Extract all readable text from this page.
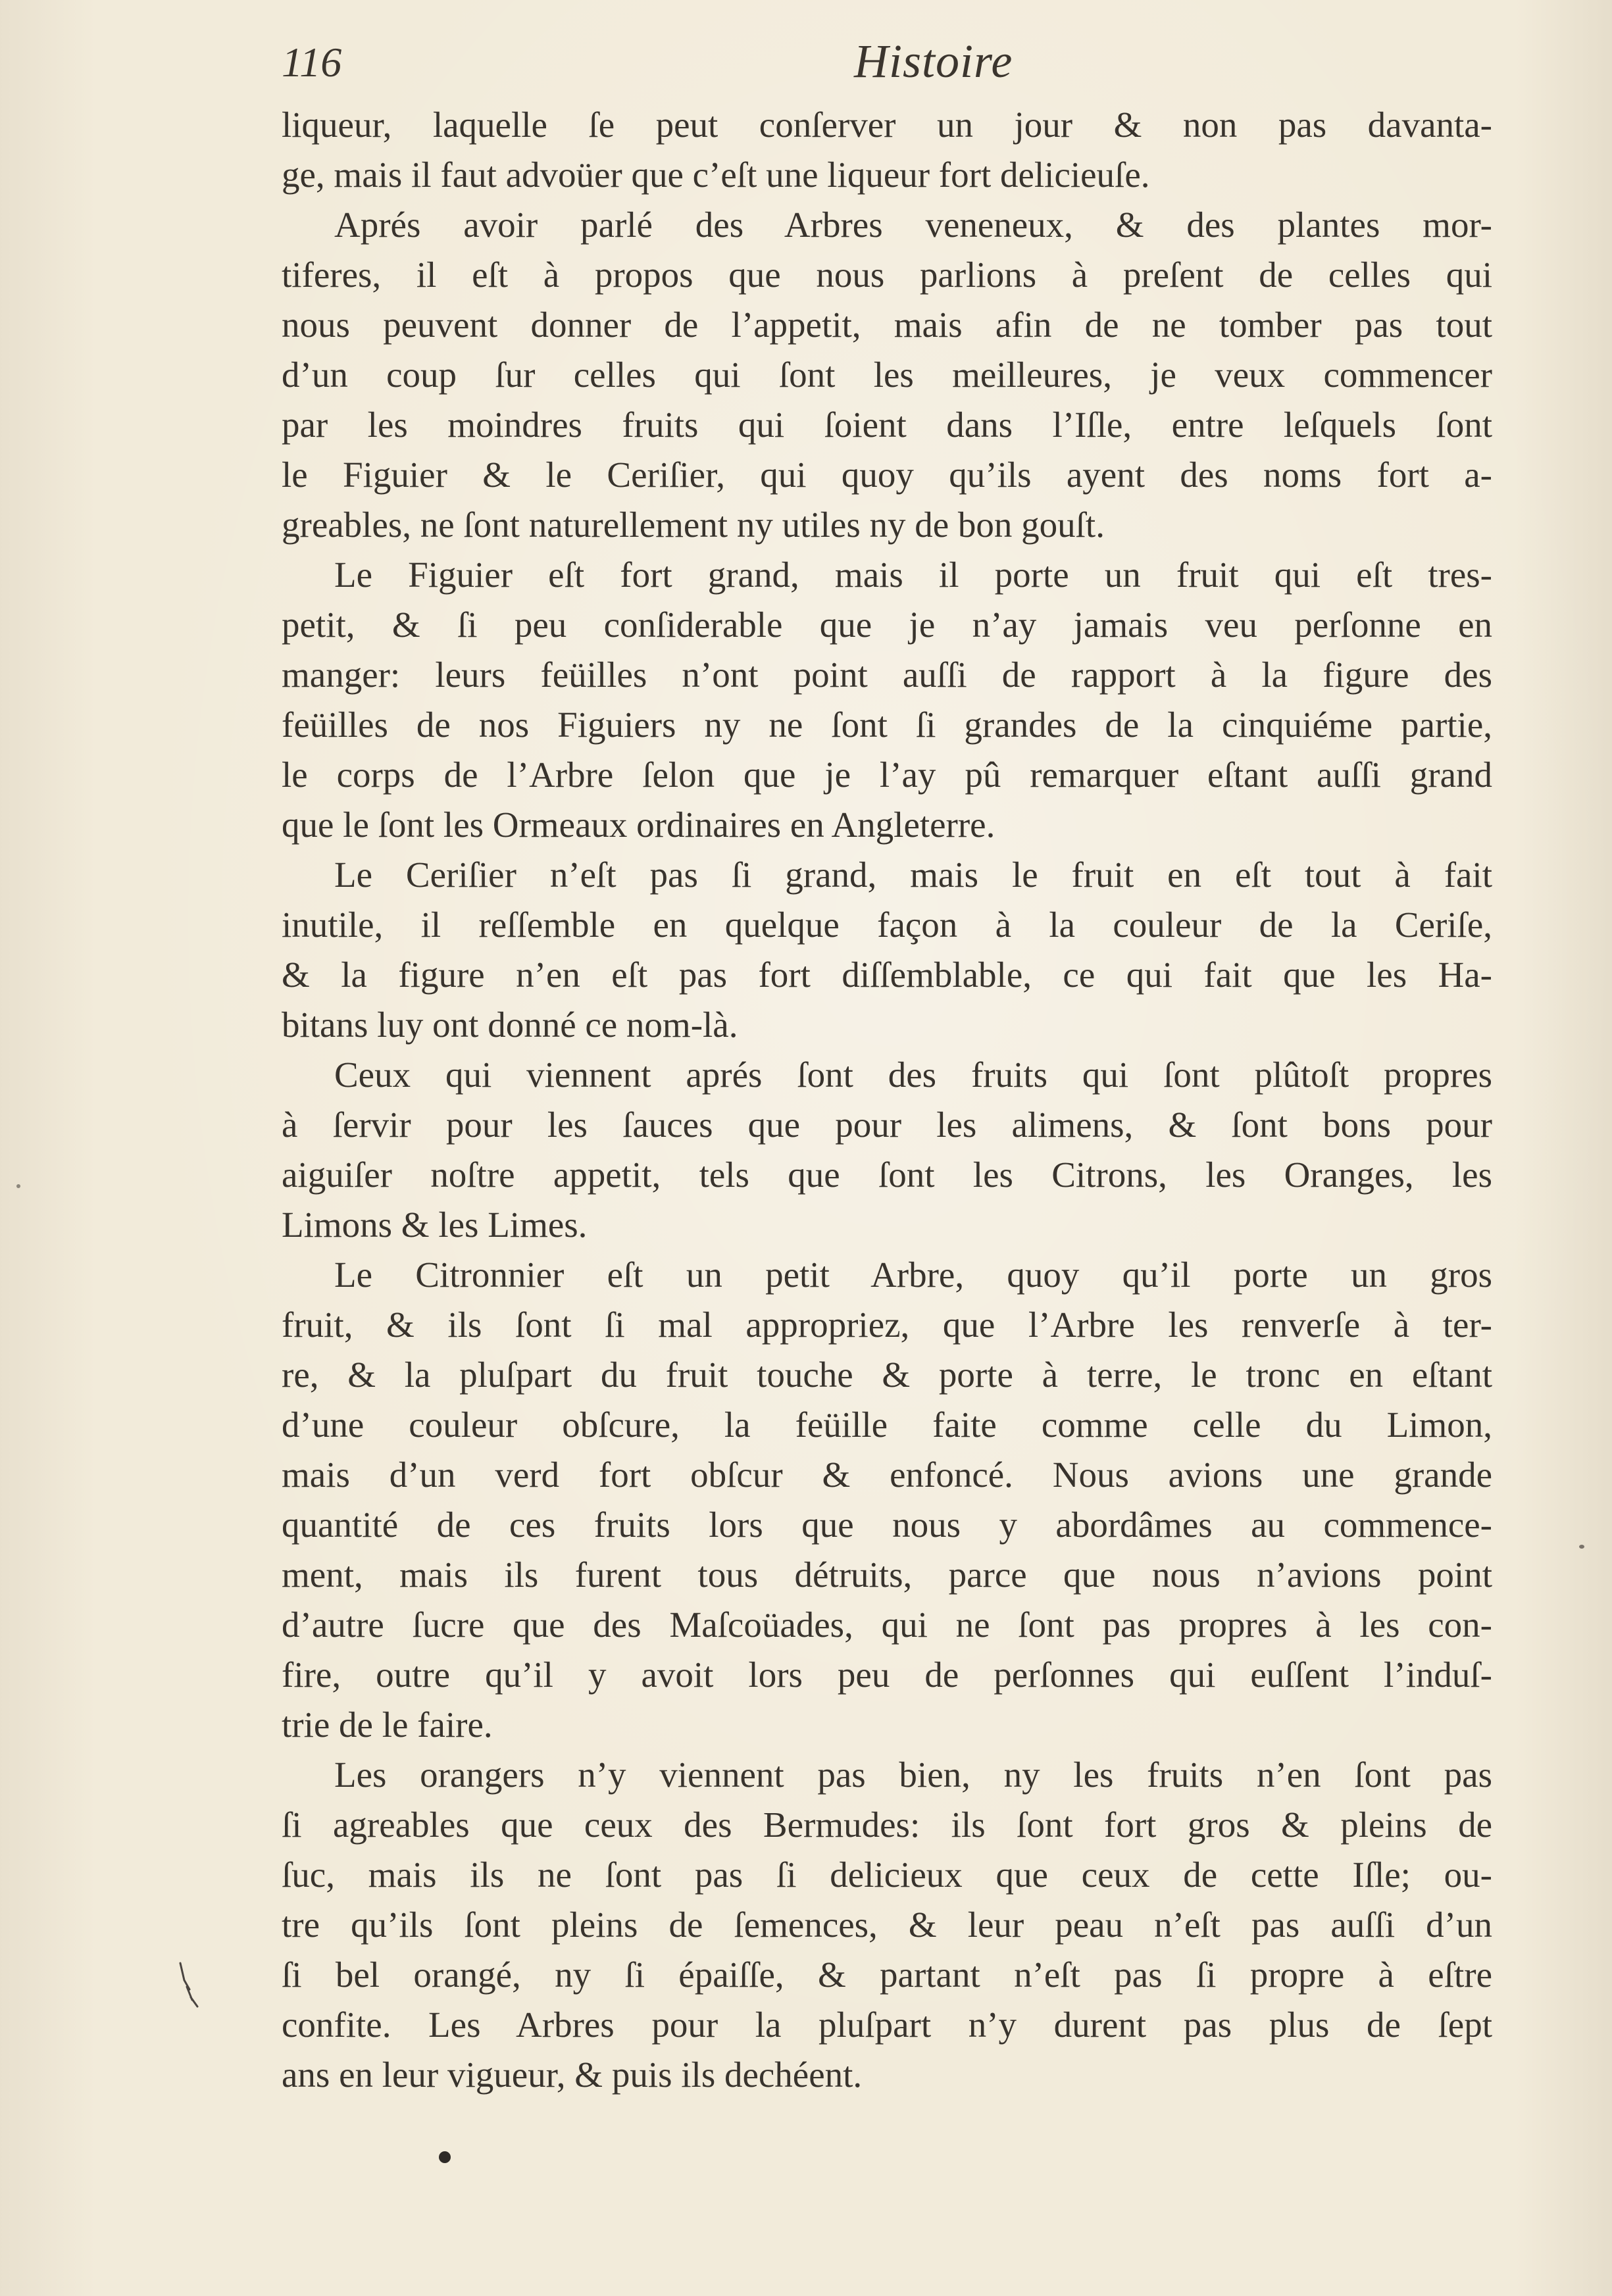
116	Histoire
liqueur, laquelle ſe peut conſerver un jour & non pas davanta-
ge, mais il faut advoüer que c’eſt une liqueur fort delicieuſe.
Aprés avoir parlé des Arbres veneneux, & des plantes mor-
tiferes, il eſt à propos que nous parlions à preſent de celles qui
nous peuvent donner de l’appetit, mais afin de ne tomber pas tout
d’un coup ſur celles qui ſont les meilleures, je veux commencer
par les moindres fruits qui ſoient dans l’Iſle, entre leſquels ſont
le Figuier & le Ceriſier, qui quoy qu’ils ayent des noms fort a-
greables, ne ſont naturellement ny utiles ny de bon gouſt.
Le Figuier eſt fort grand, mais il porte un fruit qui eſt tres-
petit, & ſi peu conſiderable que je n’ay jamais veu perſonne en
manger: leurs feüilles n’ont point auſſi de rapport à la figure des
feüilles de nos Figuiers ny ne ſont ſi grandes de la cinquiéme partie,
le corps de l’Arbre ſelon que je l’ay pû remarquer eſtant auſſi grand
que le ſont les Ormeaux ordinaires en Angleterre.
Le Ceriſier n’eſt pas ſi grand, mais le fruit en eſt tout à fait
inutile, il reſſemble en quelque façon à la couleur de la Ceriſe,
& la figure n’en eſt pas fort diſſemblable, ce qui fait que les Ha-
bitans luy ont donné ce nom-là.
Ceux qui viennent aprés ſont des fruits qui ſont plûtoſt propres
à ſervir pour les ſauces que pour les alimens, & ſont bons pour
aiguiſer noſtre appetit, tels que ſont les Citrons, les Oranges, les
Limons & les Limes.
Le Citronnier eſt un petit Arbre, quoy qu’il porte un gros
fruit, & ils ſont ſi mal appropriez, que l’Arbre les renverſe à ter-
re, & la pluſpart du fruit touche & porte à terre, le tronc en eſtant
d’une couleur obſcure, la feüille faite comme celle du Limon,
mais d’un verd fort obſcur & enfoncé. Nous avions une grande
quantité de ces fruits lors que nous y abordâmes au commence-
ment, mais ils furent tous détruits, parce que nous n’avions point
d’autre ſucre que des Maſcoüades, qui ne ſont pas propres à les con-
fire, outre qu’il y avoit lors peu de perſonnes qui euſſent l’induſ-
trie de le faire.
Les orangers n’y viennent pas bien, ny les fruits n’en ſont pas
ſi agreables que ceux des Bermudes: ils ſont fort gros & pleins de
ſuc, mais ils ne ſont pas ſi delicieux que ceux de cette Iſle; ou-
tre qu’ils ſont pleins de ſemences, & leur peau n’eſt pas auſſi d’un
ſi bel orangé, ny ſi épaiſſe, & partant n’eſt pas ſi propre à eſtre
confite. Les Arbres pour la pluſpart n’y durent pas plus de ſept
ans en leur vigueur, & puis ils dechéent.
